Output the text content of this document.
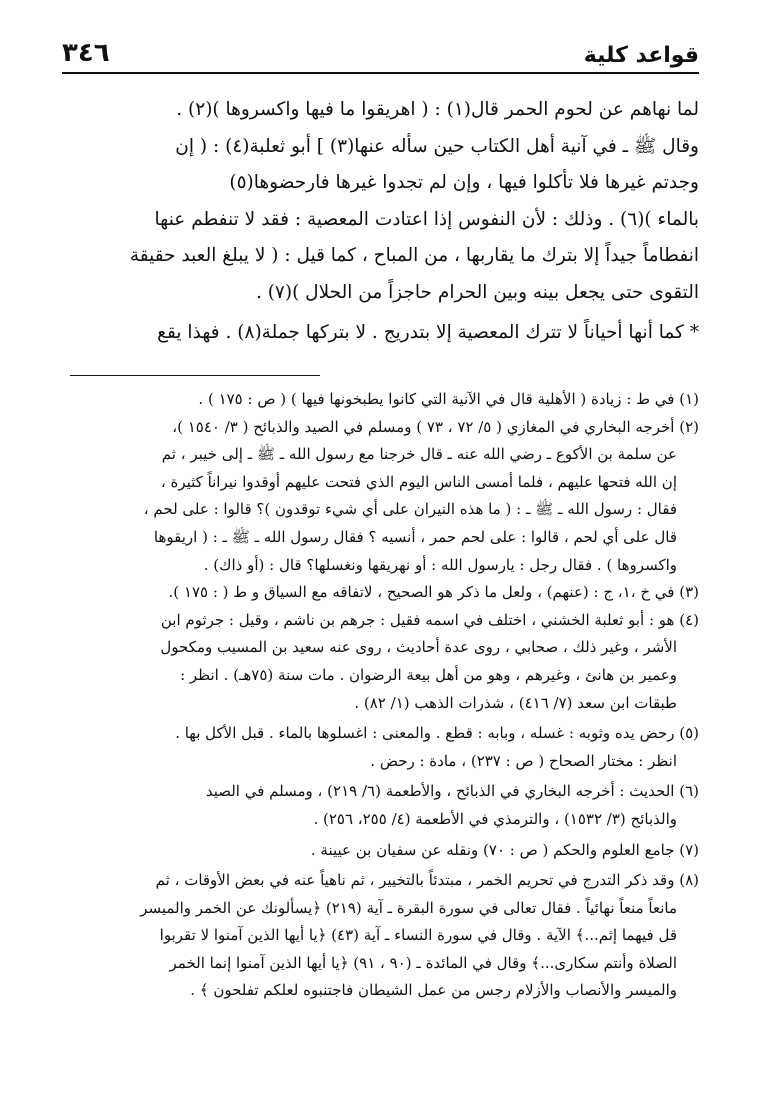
٣٤٦	قواعد كلية

لما نهاهم عن لحوم الحمر قال(١) : ( اهريقوا ما فيها واكسروها )(٢) .

وقال ﷺ ـ في آنية أهل الكتاب حين سأله عنها(٣) ] أبو ثعلبة(٤) : ( إن

وجدتم غيرها فلا تأكلوا فيها ، وإن لم تجدوا غيرها فارحضوها(٥)

بالماء )(٦) . وذلك : لأن النفوس إذا اعتادت المعصية : فقد لا تنفطم عنها

انفطاماً جيداً إلا بترك ما يقاربها ، من المباح ، كما قيل : ( لا يبلغ العبد حقيقة

التقوى حتى يجعل بينه وبين الحرام حاجزاً من الحلال )(٧) .

* كما أنها أحياناً لا تترك المعصية إلا بتدريج . لا بتركها جملة(٨) . فهذا يقع

(١) في ط : زيادة ( الأهلية قال في الآنية التي كانوا يطبخونها فيها ) ( ص : ١٧٥ ) .

(٢) أخرجه البخاري في المغازي ( ٥/ ٧٢ ، ٧٣ ) ومسلم في الصيد والذبائح ( ٣/ ١٥٤٠ )،

عن سلمة بن الأكوع ـ رضي الله عنه ـ قال خرجنا مع رسول الله ـ ﷺ ـ إلى خيبر ، ثم

إن الله فتحها عليهم ، فلما أمسى الناس اليوم الذي فتحت عليهم أوقدوا نيراناً كثيرة ،

فقال : رسول الله ـ ﷺ ـ : ( ما هذه النيران على أي شيء توقدون )؟ قالوا : على لحم ،

قال على أي لحم ، قالوا : على لحم حمر ، أنسيه ؟ فقال رسول الله ـ ﷺ ـ : ( اريقوها

واكسروها ) . فقال رجل : يارسول الله : أو نهريقها ونغسلها؟ قال : (أو ذاك) .

(٣) في خ ،١، ج : (عنهم) ، ولعل ما ذكر هو الصحيح ، لاتفاقه مع السياق و ط ( : ١٧٥ ).

(٤) هو : أبو ثعلبة الخشني ، اختلف في اسمه فقيل : جرهم بن ناشم ، وقيل : جرثوم ابن

الأشر ، وغير ذلك ، صحابي ، روى عدة أحاديث ، روى عنه سعيد بن المسيب ومكحول

وعمير بن هانئ ، وغيرهم ، وهو من أهل بيعة الرضوان . مات سنة (٧٥هـ) . انظر :

طبقات ابن سعد (٧/ ٤١٦) ، شذرات الذهب (١/ ٨٢) .

(٥) رحض يده وثوبه : غسله ، وبابه : قطع . والمعنى : اغسلوها بالماء . قبل الأكل بها .

انظر : مختار الصحاح ( ص : ٢٣٧) ، مادة : رحض .

(٦) الحديث : أخرجه البخاري في الذبائح ، والأطعمة (٦/ ٢١٩) ، ومسلم في الصيد

والذبائح (٣/ ١٥٣٢) ، والترمذي في الأطعمة (٤/ ٢٥٥، ٢٥٦) .

(٧) جامع العلوم والحكم ( ص : ٧٠) ونقله عن سفيان بن عيينة .

(٨) وقد ذكر التدرج في تحريم الخمر ، مبتدئاً بالتخيير ، ثم ناهياً عنه في بعض الأوقات ، ثم

مانعاً منعاً نهائياً . فقال تعالى في سورة البقرة ـ آية (٢١٩) ﴿يسألونك عن الخمر والميسر

قل فيهما إثم...﴾ الآية . وقال في سورة النساء ـ آية (٤٣) ﴿يا أيها الذين آمنوا لا تقربوا

الصلاة وأنتم سكارى...﴾ وقال في المائدة ـ (٩٠ ، ٩١) ﴿يا أيها الذين آمنوا إنما الخمر

والميسر والأنصاب والأزلام رجس من عمل الشيطان فاجتنبوه لعلكم تفلحون ﴾ .
